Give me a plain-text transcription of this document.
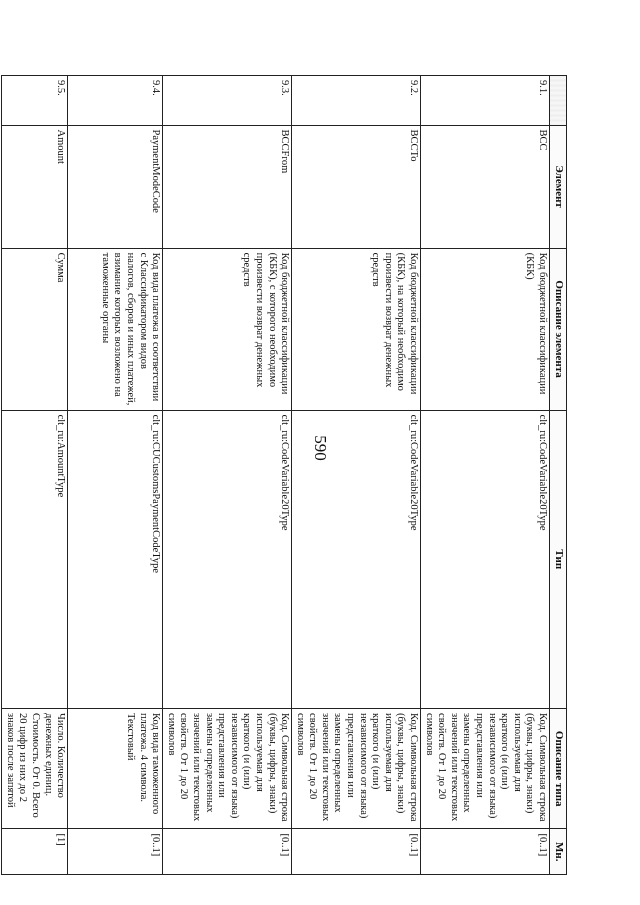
590
	Элемент	Описание элемента	Тип	Описание типа	Мн.
9.1.	BCC	Код бюджетной классификации (КБК)	clt_ru:CodeVariable20Type	Код. Символьная строка (буквы, цифры, знаки) используемая для краткого (и (или) независимого от языка) представления или замены определенных значений или текстовых свойств. От 1 до 20 символов	[0..1]
9.2.	BCCTo	Код бюджетной классификации (КБК), на который необходимо произвести возврат денежных средств	clt_ru:CodeVariable20Type	Код. Символьная строка (буквы, цифры, знаки) используемая для краткого (и (или) независимого от языка) представления или замены определенных значений или текстовых свойств. От 1 до 20 символов	[0..1]
9.3.	BCCFrom	Код бюджетной классификации (КБК), с которого необходимо произвести возврат денежных средств	clt_ru:CodeVariable20Type	Код. Символьная строка (буквы, цифры, знаки) используемая для краткого (и (или) независимого от языка) представления или замены определенных значений или текстовых свойств. От 1 до 20 символов	[0..1]
9.4.	PaymentModeCode	Код вида платежа в соответствии с Классификатором видов налогов, сборов и иных платежей, взимание которых возложено на таможенные органы	clt_ru:CUCustomsPaymentCodeType	Код вида таможенного платежа. 4 символа. Текстовый	[0..1]
9.5.	Amount	Сумма	clt_ru:AmountType	Число. Количество денежных единиц. Стоимость. От 0. Всего 20 цифр из них до 2 знаков после запятой	[1]
